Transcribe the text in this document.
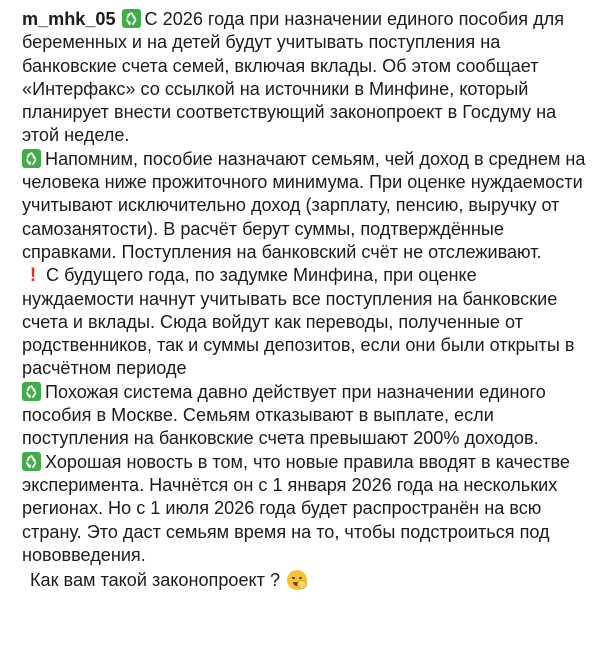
m_mhk_05 С 2026 года при назначении единого пособия для беременных и на детей будут учитывать поступления на банковские счета семей, включая вклады. Об этом сообщает «Интерфакс» со ссылкой на источники в Минфине, который планирует внести соответствующий законопроект в Госдуму на этой неделе.

Напомним, пособие назначают семьям, чей доход в среднем на человека ниже прожиточного минимума. При оценке нуждаемости учитывают исключительно доход (зарплату, пенсию, выручку от самозанятости). В расчёт берут суммы, подтверждённые справками. Поступления на банковский счёт не отслеживают.

! С будущего года, по задумке Минфина, при оценке нуждаемости начнут учитывать все поступления на банковские счета и вклады. Сюда войдут как переводы, полученные от родственников, так и суммы депозитов, если они были открыты в расчётном периоде

Похожая система давно действует при назначении единого пособия в Москве. Семьям отказывают в выплате, если поступления на банковские счета превышают 200% доходов.

Хорошая новость в том, что новые правила вводят в качестве эксперимента. Начнётся он с 1 января 2026 года на нескольких регионах. Но с 1 июля 2026 года будет распространён на всю страну. Это даст семьям время на то, чтобы подстроиться под нововведения.

Как вам такой законопроект ?
